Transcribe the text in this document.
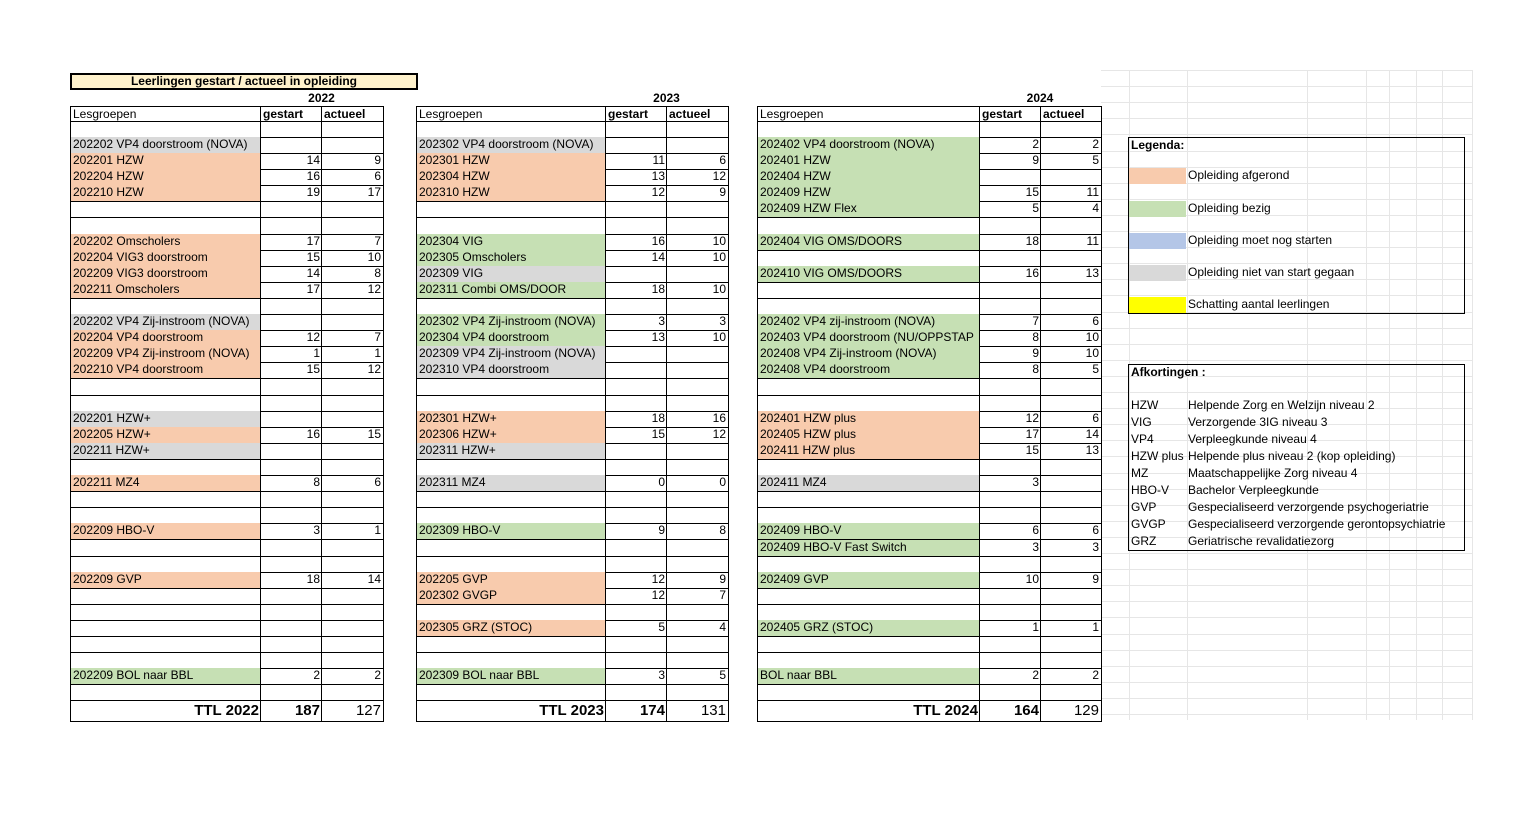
Leerlingen gestart / actueel in opleiding
2022
Lesgroepen	gestart	actueel
202202 VP4 doorstroom (NOVA)
202201 HZW	14	9
202204 HZW	16	6
202210 HZW	19	17
202202 Omscholers	17	7
202204 VIG3 doorstroom	15	10
202209 VIG3 doorstroom	14	8
202211 Omscholers	17	12
202202 VP4 Zij-instroom (NOVA)
202204 VP4 doorstroom	12	7
202209 VP4 Zij-instroom (NOVA)	1	1
202210 VP4 doorstroom	15	12
202201 HZW+
202205 HZW+	16	15
202211 HZW+
202211 MZ4	8	6
202209 HBO-V	3	1
202209 GVP	18	14
202209 BOL naar BBL	2	2
TTL 2022	187	127
2023
Lesgroepen	gestart	actueel
202302 VP4 doorstroom (NOVA)
202301 HZW	11	6
202304 HZW	13	12
202310 HZW	12	9
202304 VIG	16	10
202305 Omscholers	14	10
202309 VIG
202311 Combi OMS/DOOR	18	10
202302 VP4 Zij-instroom (NOVA)	3	3
202304 VP4 doorstroom	13	10
202309 VP4 Zij-instroom (NOVA)
202310 VP4 doorstroom
202301 HZW+	18	16
202306 HZW+	15	12
202311 HZW+
202311 MZ4	0	0
202309 HBO-V	9	8
202205 GVP	12	9
202302 GVGP	12	7
202305 GRZ (STOC)	5	4
202309 BOL naar BBL	3	5
TTL 2023	174	131
2024
Lesgroepen	gestart	actueel
202402 VP4 doorstroom (NOVA)	2	2
202401 HZW	9	5
202404 HZW
202409 HZW	15	11
202409 HZW Flex	5	4
202404 VIG OMS/DOORS	18	11
202410 VIG OMS/DOORS	16	13
202402 VP4 zij-instroom (NOVA)	7	6
202403 VP4 doorstroom (NU/OPPSTAP	8	10
202408 VP4 Zij-instroom (NOVA)	9	10
202408 VP4 doorstroom	8	5
202401 HZW plus	12	6
202405 HZW plus	17	14
202411 HZW plus	15	13
202411 MZ4	3
202409 HBO-V	6	6
202409 HBO-V Fast Switch	3	3
202409 GVP	10	9
202405 GRZ (STOC)	1	1
BOL naar BBL	2	2
TTL 2024	164	129
Legenda:
Opleiding afgerond
Opleiding bezig
Opleiding moet nog starten
Opleiding niet van start gegaan
Schatting aantal leerlingen
Afkortingen :
HZW	Helpende Zorg en Welzijn niveau 2
VIG	Verzorgende 3IG niveau 3
VP4	Verpleegkunde niveau 4
HZW plus Helpende plus niveau 2 (kop opleiding)
MZ	Maatschappelijke Zorg niveau 4
HBO-V	Bachelor Verpleegkunde
GVP	Gespecialiseerd verzorgende psychogeriatrie
GVGP	Gespecialiseerd verzorgende gerontopsychiatrie
GRZ	Geriatrische revalidatiezorg
